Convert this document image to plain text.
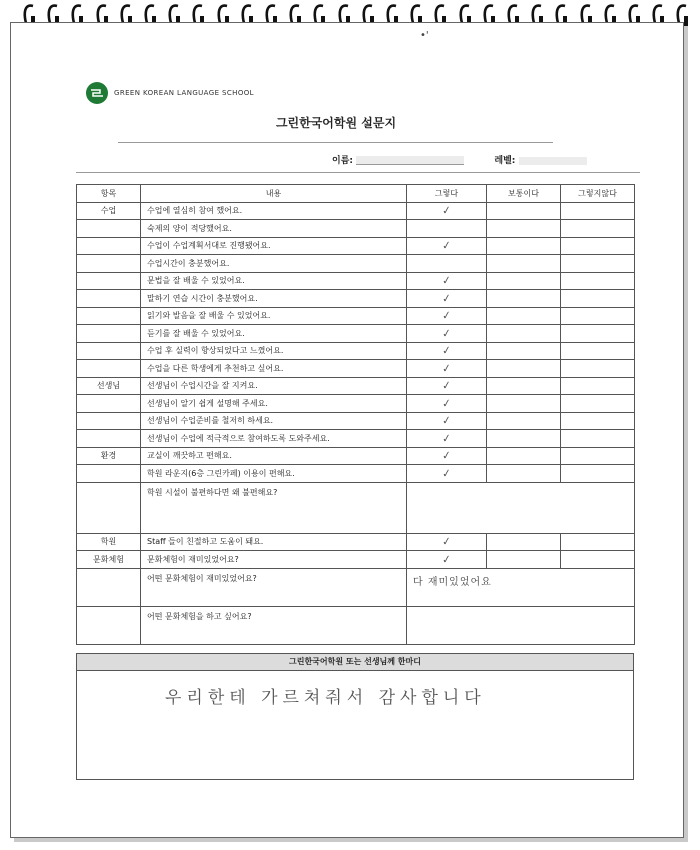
•'
GREEN KOREAN LANGUAGE SCHOOL
그린한국어학원 설문지
이름:	레벨:
항목	내용	그렇다	보통이다	그렇지않다
수업	수업에 열심히 참여 했어요.	✓		
	숙제의 양이 적당했어요.			
	수업이 수업계획서대로 진행됐어요.	✓		
	수업시간이 충분했어요.			
	문법을 잘 배울 수 있었어요.	✓		
	말하기 연습 시간이 충분했어요.	✓		
	읽기와 발음을 잘 배울 수 있었어요.	✓		
	듣기를 잘 배울 수 있었어요.	✓		
	수업 후 실력이 향상되었다고 느꼈어요.	✓		
	수업을 다른 학생에게 추천하고 싶어요.	✓		
선생님	선생님이 수업시간을 잘 지켜요.	✓		
	선생님이 알기 쉽게 설명해 주세요.	✓		
	선생님이 수업준비를 철저히 하세요.	✓		
	선생님이 수업에 적극적으로 참여하도록 도와주세요.	✓		
환경	교실이 깨끗하고 편해요.	✓		
	학원 라운지(6층 그린카페) 이용이 편해요.	✓		
	학원 시설이 불편하다면 왜 불편해요?			
학원	Staff 들이 친절하고 도움이 돼요.	✓		
문화체험	문화체험이 재미있었어요?	✓		
	어떤 문화체험이 재미있었어요?	다 재미있었어요		
	어떤 문화체험을 하고 싶어요?			
그린한국어학원 또는 선생님께 한마디
우리한테 가르쳐줘서 감사합니다
